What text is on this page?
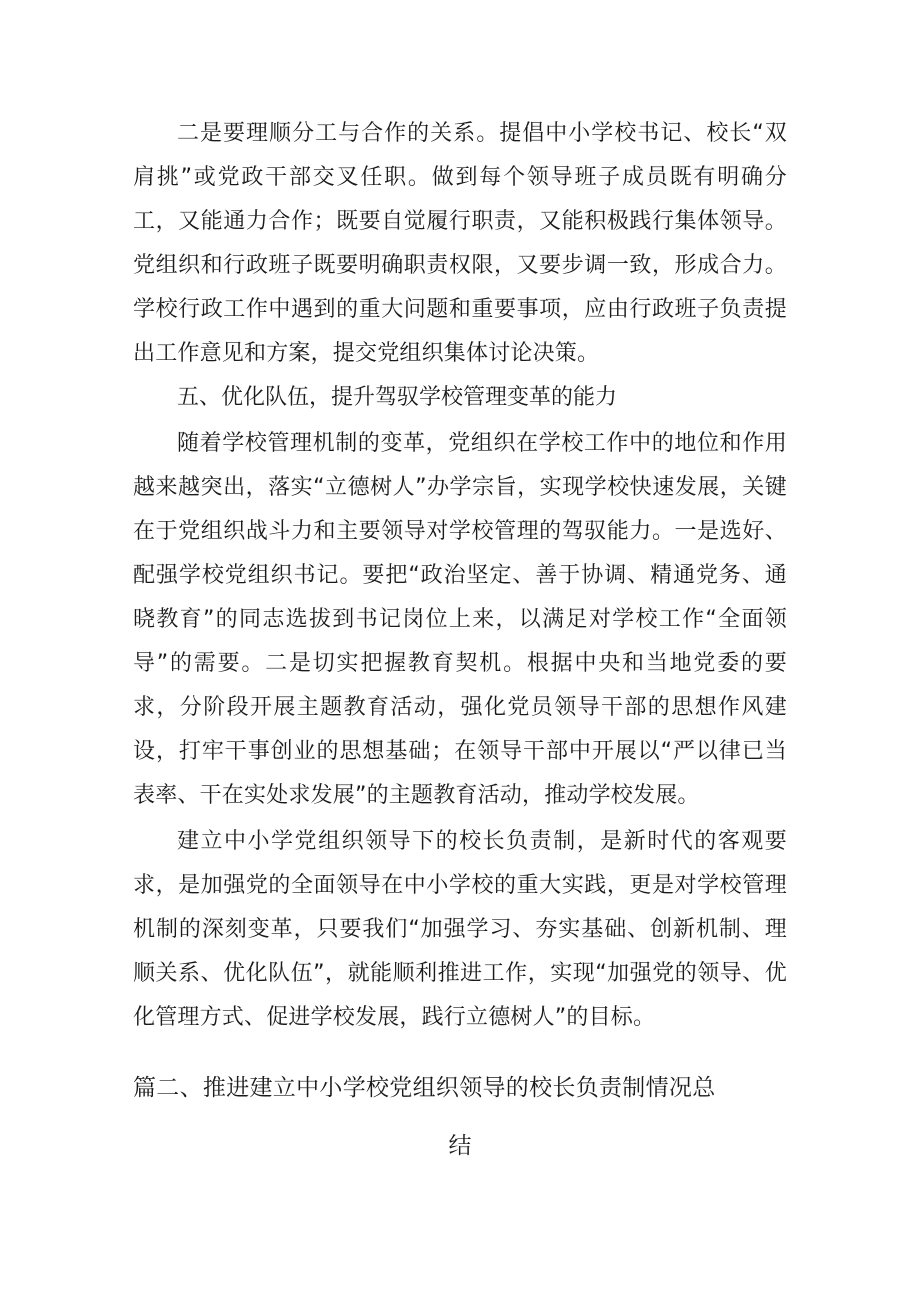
二是要理顺分工与合作的关系。提倡中小学校书记、校长“双肩挑”或党政干部交叉任职。做到每个领导班子成员既有明确分工，又能通力合作；既要自觉履行职责，又能积极践行集体领导。党组织和行政班子既要明确职责权限，又要步调一致，形成合力。学校行政工作中遇到的重大问题和重要事项，应由行政班子负责提出工作意见和方案，提交党组织集体讨论决策。

五、优化队伍，提升驾驭学校管理变革的能力

随着学校管理机制的变革，党组织在学校工作中的地位和作用越来越突出，落实“立德树人”办学宗旨，实现学校快速发展，关键在于党组织战斗力和主要领导对学校管理的驾驭能力。一是选好、配强学校党组织书记。要把“政治坚定、善于协调、精通党务、通晓教育”的同志选拔到书记岗位上来，以满足对学校工作“全面领导”的需要。二是切实把握教育契机。根据中央和当地党委的要求，分阶段开展主题教育活动，强化党员领导干部的思想作风建设，打牢干事创业的思想基础；在领导干部中开展以“严以律已当表率、干在实处求发展”的主题教育活动，推动学校发展。

建立中小学党组织领导下的校长负责制，是新时代的客观要求，是加强党的全面领导在中小学校的重大实践，更是对学校管理机制的深刻变革，只要我们“加强学习、夯实基础、创新机制、理顺关系、优化队伍”，就能顺利推进工作，实现“加强党的领导、优化管理方式、促进学校发展，践行立德树人”的目标。

篇二、推进建立中小学校党组织领导的校长负责制情况总

结
